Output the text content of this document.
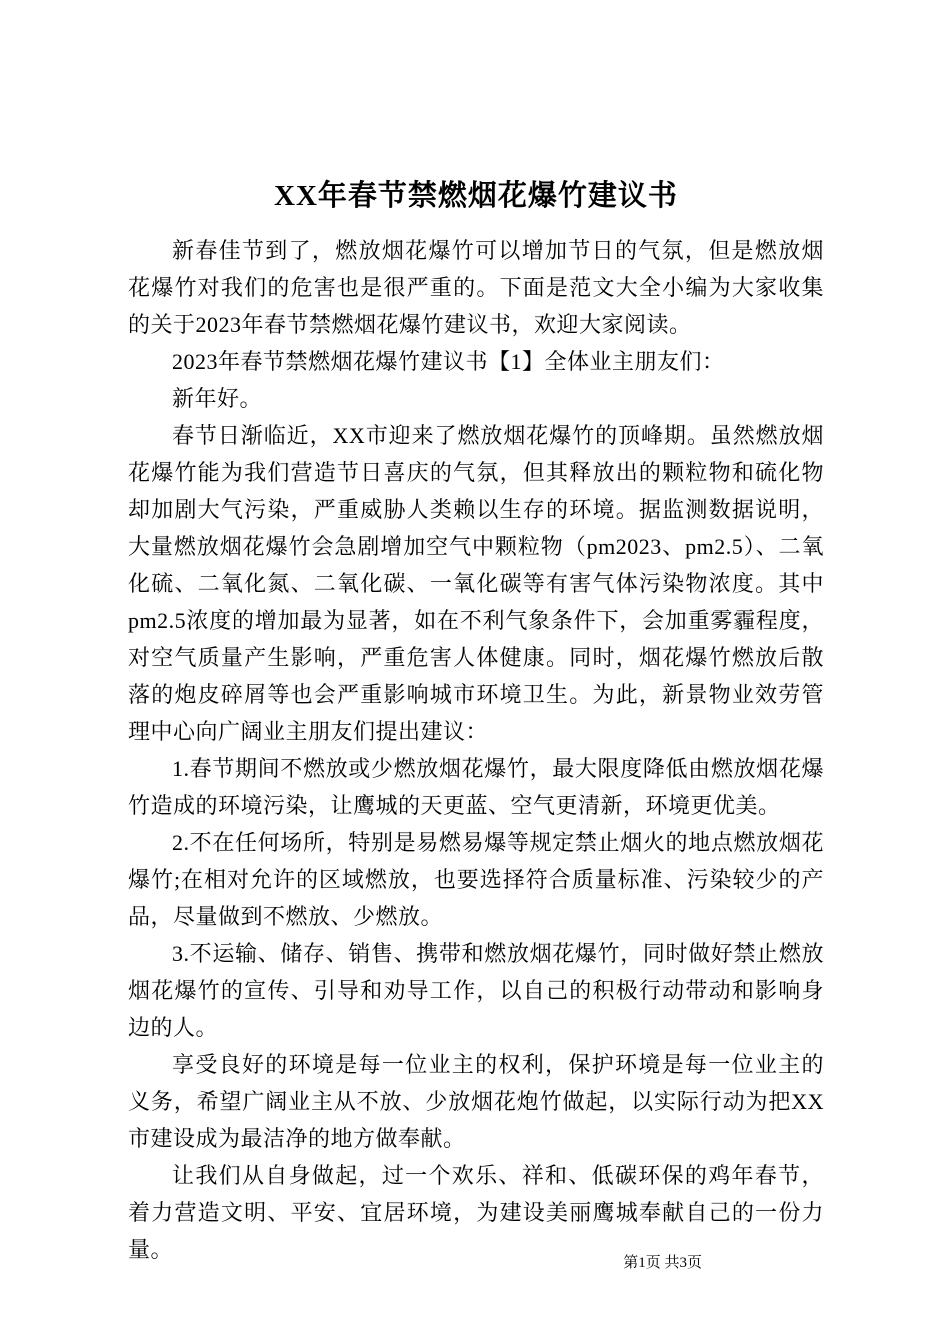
XX年春节禁燃烟花爆竹建议书

新春佳节到了，燃放烟花爆竹可以增加节日的气氛，但是燃放烟花爆竹对我们的危害也是很严重的。下面是范文大全小编为大家收集的关于2023年春节禁燃烟花爆竹建议书，欢迎大家阅读。

2023年春节禁燃烟花爆竹建议书【1】全体业主朋友们：

新年好。

春节日渐临近，XX市迎来了燃放烟花爆竹的顶峰期。虽然燃放烟花爆竹能为我们营造节日喜庆的气氛，但其释放出的颗粒物和硫化物却加剧大气污染，严重威胁人类赖以生存的环境。据监测数据说明，大量燃放烟花爆竹会急剧增加空气中颗粒物（pm2023、pm2.5）、二氧化硫、二氧化氮、二氧化碳、一氧化碳等有害气体污染物浓度。其中pm2.5浓度的增加最为显著，如在不利气象条件下，会加重雾霾程度，对空气质量产生影响，严重危害人体健康。同时，烟花爆竹燃放后散落的炮皮碎屑等也会严重影响城市环境卫生。为此，新景物业效劳管理中心向广阔业主朋友们提出建议：

1.春节期间不燃放或少燃放烟花爆竹，最大限度降低由燃放烟花爆竹造成的环境污染，让鹰城的天更蓝、空气更清新，环境更优美。

2.不在任何场所，特别是易燃易爆等规定禁止烟火的地点燃放烟花爆竹;在相对允许的区域燃放，也要选择符合质量标准、污染较少的产品，尽量做到不燃放、少燃放。

3.不运输、储存、销售、携带和燃放烟花爆竹，同时做好禁止燃放烟花爆竹的宣传、引导和劝导工作，以自己的积极行动带动和影响身边的人。

享受良好的环境是每一位业主的权利，保护环境是每一位业主的义务，希望广阔业主从不放、少放烟花炮竹做起，以实际行动为把XX市建设成为最洁净的地方做奉献。

让我们从自身做起，过一个欢乐、祥和、低碳环保的鸡年春节，着力营造文明、平安、宜居环境，为建设美丽鹰城奉献自己的一份力量。

第1页 共3页
